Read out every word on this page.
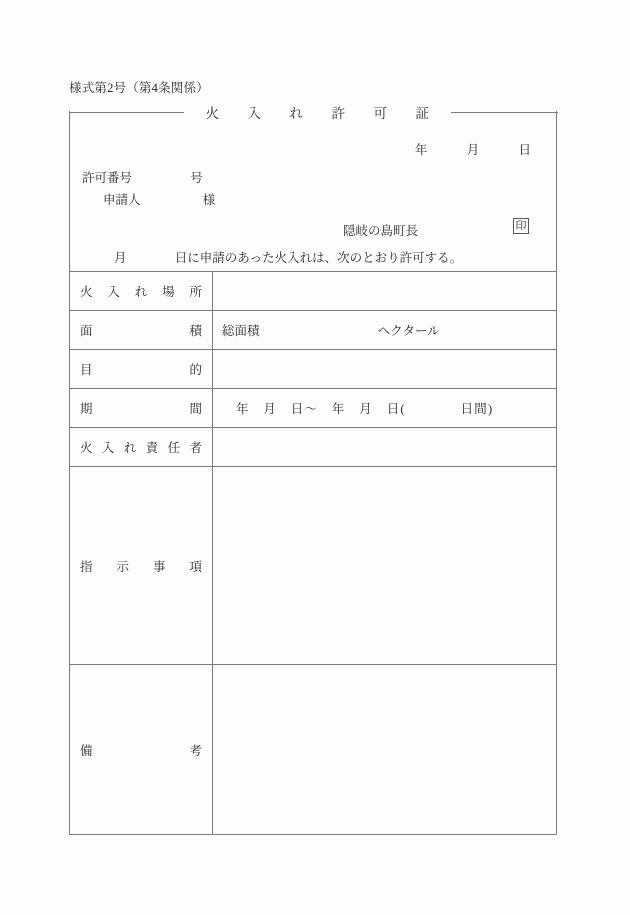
様式第2号（第4条関係）
火　入　れ　許　可　証
年	月	日
許可番号	号
申請人	様
隠岐の島町長	印
月	日に申請のあった火入れは、次のとおり許可する。
火 入 れ 場 所	

面 積	総面積 ヘクタール

目 的	

期 間	年　月　日〜　年　月　日(　　　　日間)

火 入 れ 責 任 者

指 示 事 項	

備 考	
